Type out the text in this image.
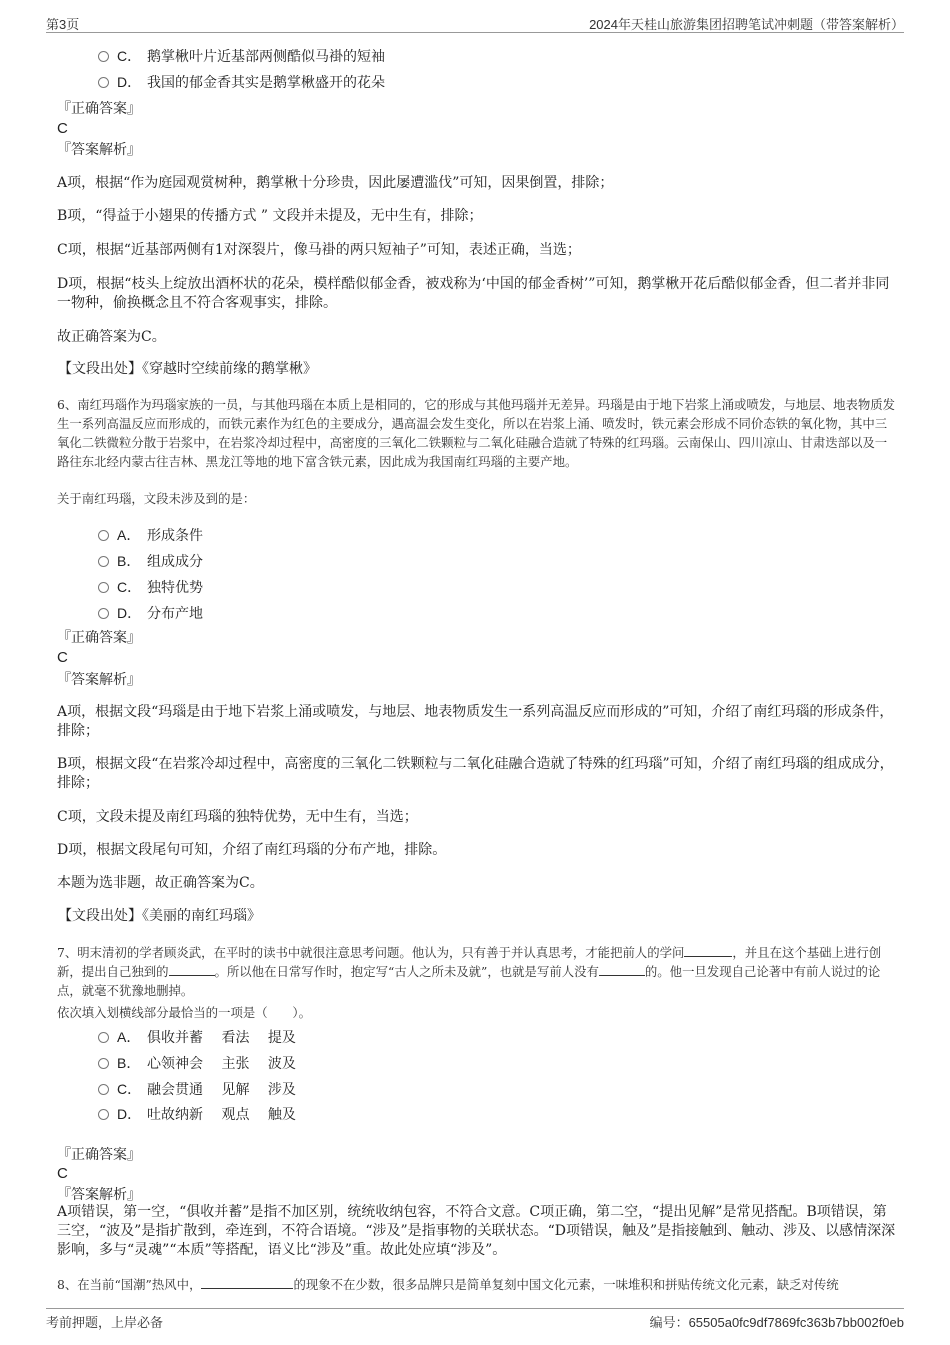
第3页	2024年天桂山旅游集团招聘笔试冲刺题（带答案解析）
C． 鹅掌楸叶片近基部两侧酷似马褂的短袖
D． 我国的郁金香其实是鹅掌楸盛开的花朵
『正确答案』
C
『答案解析』
A项，根据“作为庭园观赏树种，鹅掌楸十分珍贵，因此屡遭滥伐”可知，因果倒置，排除；
B项，“得益于小翅果的传播方式 ” 文段并未提及，无中生有，排除；
C项，根据“近基部两侧有1对深裂片，像马褂的两只短袖子”可知，表述正确，当选；
D项，根据“枝头上绽放出酒杯状的花朵，模样酷似郁金香，被戏称为‘中国的郁金香树’”可知，鹅掌楸开花后酷似郁金香，但二者并非同一物种，偷换概念且不符合客观事实，排除。
故正确答案为C。
【文段出处】《穿越时空续前缘的鹅掌楸》
6、南红玛瑙作为玛瑙家族的一员，与其他玛瑙在本质上是相同的，它的形成与其他玛瑙并无差异。玛瑙是由于地下岩浆上涌或喷发，与地层、地表物质发生一系列高温反应而形成的，而铁元素作为红色的主要成分，遇高温会发生变化，所以在岩浆上涌、喷发时，铁元素会形成不同价态铁的氧化物，其中三氧化二铁微粒分散于岩浆中，在岩浆冷却过程中，高密度的三氧化二铁颗粒与二氧化硅融合造就了特殊的红玛瑙。云南保山、四川凉山、甘肃迭部以及一路往东北经内蒙古往吉林、黑龙江等地的地下富含铁元素，因此成为我国南红玛瑙的主要产地。
关于南红玛瑙，文段未涉及到的是：
A． 形成条件
B． 组成成分
C． 独特优势
D． 分布产地
『正确答案』
C
『答案解析』
A项，根据文段“玛瑙是由于地下岩浆上涌或喷发，与地层、地表物质发生一系列高温反应而形成的”可知，介绍了南红玛瑙的形成条件，排除；
B项，根据文段“在岩浆冷却过程中，高密度的三氧化二铁颗粒与二氧化硅融合造就了特殊的红玛瑙”可知，介绍了南红玛瑙的组成成分，排除；
C项，文段未提及南红玛瑙的独特优势，无中生有，当选；
D项，根据文段尾句可知，介绍了南红玛瑙的分布产地，排除。
本题为选非题，故正确答案为C。
【文段出处】《美丽的南红玛瑙》
7、明末清初的学者顾炎武，在平时的读书中就很注意思考问题。他认为，只有善于并认真思考，才能把前人的学问	，并且在这个基础上进行创新，提出自己独到的	。所以他在日常写作时，抱定写“古人之所未及就”，也就是写前人没有	的。他一旦发现自己论著中有前人说过的论点，就毫不犹豫地删掉。
依次填入划横线部分最恰当的一项是（　　）。
A． 俱收并蓄　 看法　 提及
B． 心领神会　 主张　 波及
C． 融会贯通　 见解　 涉及
D． 吐故纳新　 观点　 触及
『正确答案』
C
『答案解析』
A项错误，第一空，“俱收并蓄”是指不加区别，统统收纳包容，不符合文意。C项正确，第二空，“提出见解”是常见搭配。B项错误，第三空，“波及”是指扩散到，牵连到，不符合语境。“涉及”是指事物的关联状态。“D项错误，触及”是指接触到、触动、涉及、以感情深深影响，多与“灵魂”“本质”等搭配，语义比“涉及”重。故此处应填“涉及”。
8、在当前“国潮”热风中，	的现象不在少数，很多品牌只是简单复刻中国文化元素，一味堆积和拼贴传统文化元素，缺乏对传统
考前押题，上岸必备	编号：65505a0fc9df7869fc363b7bb002f0eb
